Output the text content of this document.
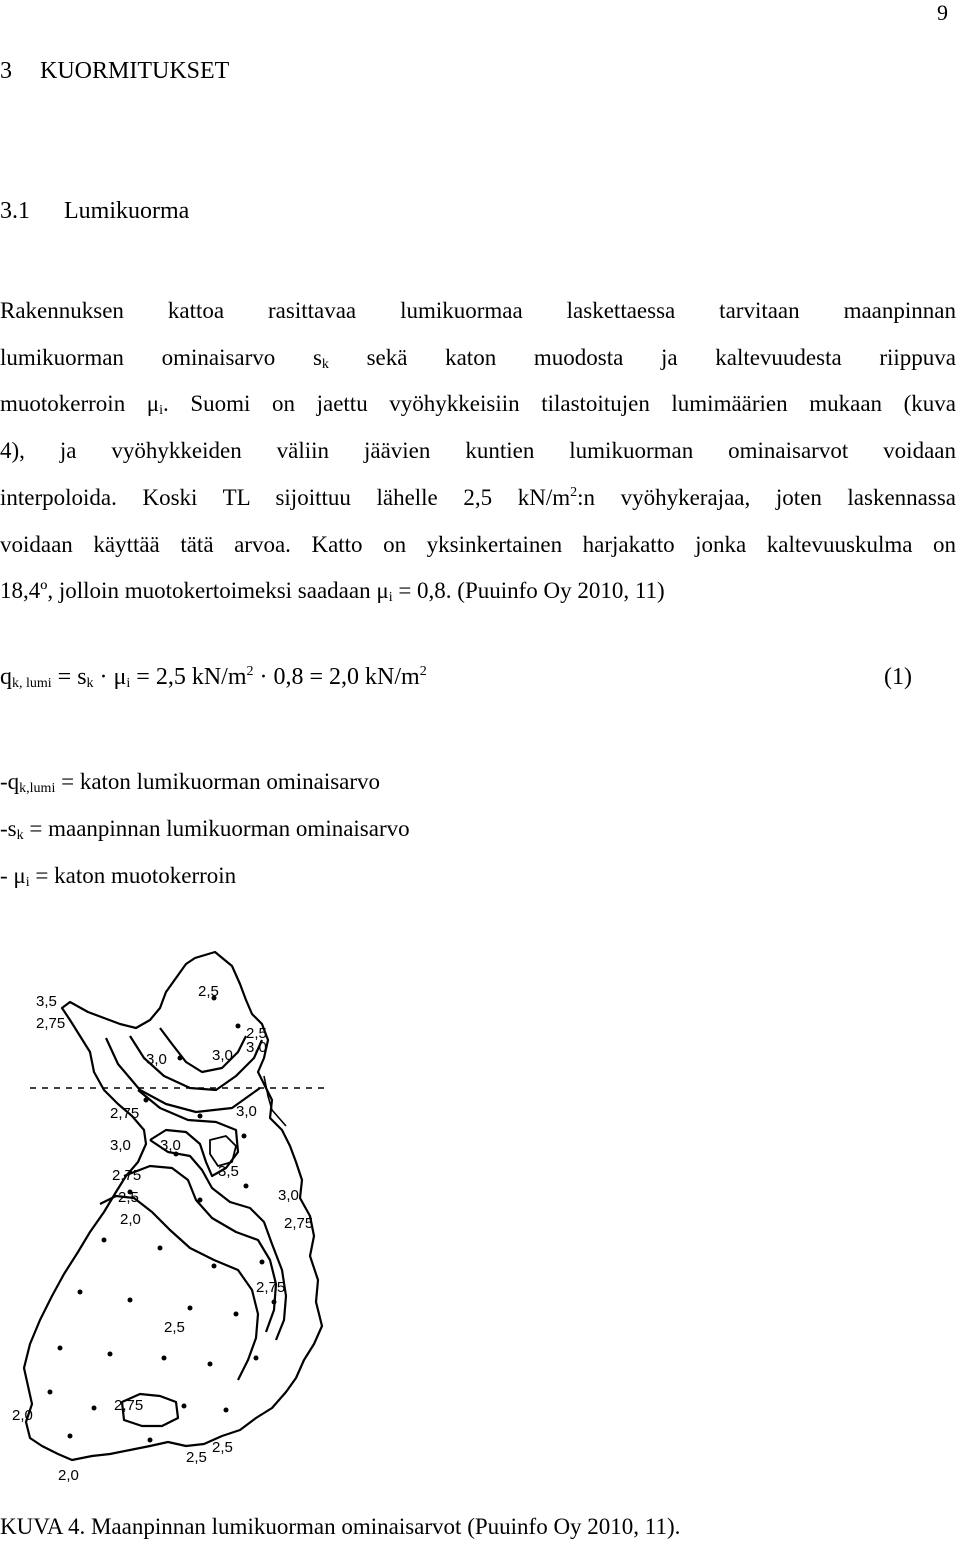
9
3 KUORMITUKSET
3.1 Lumikuorma
Rakennuksen kattoa rasittavaa lumikuormaa laskettaessa tarvitaan maanpinnan
lumikuorman ominaisarvo $s_k$ sekä katon muodosta ja kaltevuudesta riippuva
muotokerroin $\mu_i$. Suomi on jaettu vyöhykkeisiin tilastoitujen lumimäärien mukaan (kuva
4), ja vyöhykkeiden väliin jäävien kuntien lumikuorman ominaisarvot voidaan
interpoloida. Koski TL sijoittuu lähelle 2,5 $kN/m^2:n$ vyöhykerajaa, joten laskennassa
voidaan käyttää tätä arvoa. Katto on yksinkertainen harjakatto jonka kaltevuuskulma on
18,4º, jolloin muotokertoimeksi saadaan $\mu_i = 0,8$. (Puuinfo Oy 2010, 11)
$q_{k, lumi} = s_k \cdot \mu_i = 2,5$ $kN/m^2 \cdot 0,8 = 2,0$ $kN/m^2$	(1)
$-q_{k,lumi}$ = katon lumikuorman ominaisarvo
$-s_k$ = maanpinnan lumikuorman ominaisarvo
- $\mu_i$ = katon muotokerroin
2,5
3,5
2,75
2,5
3,0	3,0 3,0
2,75	3,0
3,0 3,0
3,5
2,75
3,0
2,5
2,75
2,0
2,75
2,5
2,0
2,75
2,5
2,5
2,0
KUVA 4. Maanpinnan lumikuorman ominaisarvot (Puuinfo Oy 2010, 11).
